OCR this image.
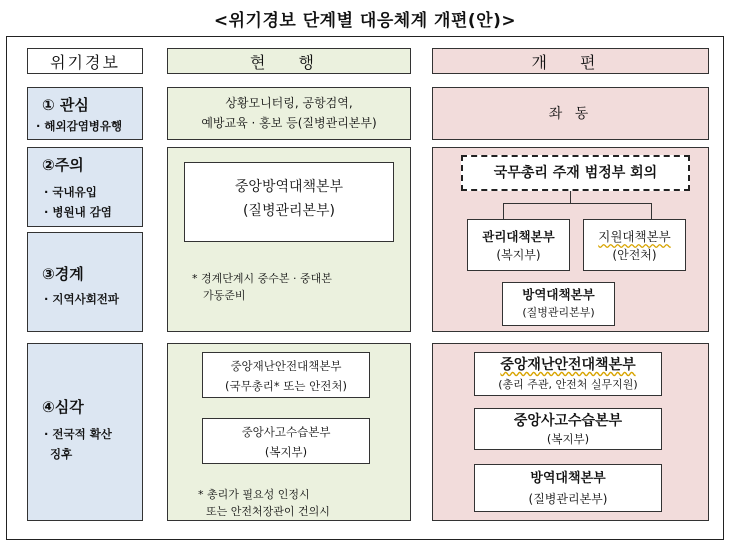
<위기경보 단계별 대응체계 개편(안)>
위기경보	현 행	개 편
① 관심
· 해외감염병유행
②주의
· 국내유입
· 병원내 감염
③경계
· 지역사회전파
④심각
· 전국적 확산
징후
상황모니터링, 공항검역,
예방교육 · 홍보 등(질병관리본부)
중앙방역대책본부
(질병관리본부)
* 경계단계시 중수본 · 중대본
가동준비
중앙재난안전대책본부
(국무총리* 또는 안전처)
중앙사고수습본부
(복지부)
* 총리가 필요성 인정시
또는 안전처장관이 건의시
좌 동
국무총리 주재 범정부 회의
관리대책본부
(복지부)
지원대책본부
(안전처)
방역대책본부
(질병관리본부)
중앙재난안전대책본부
(총리 주관, 안전처 실무지원)
중앙사고수습본부
(복지부)
방역대책본부
(질병관리본부)
